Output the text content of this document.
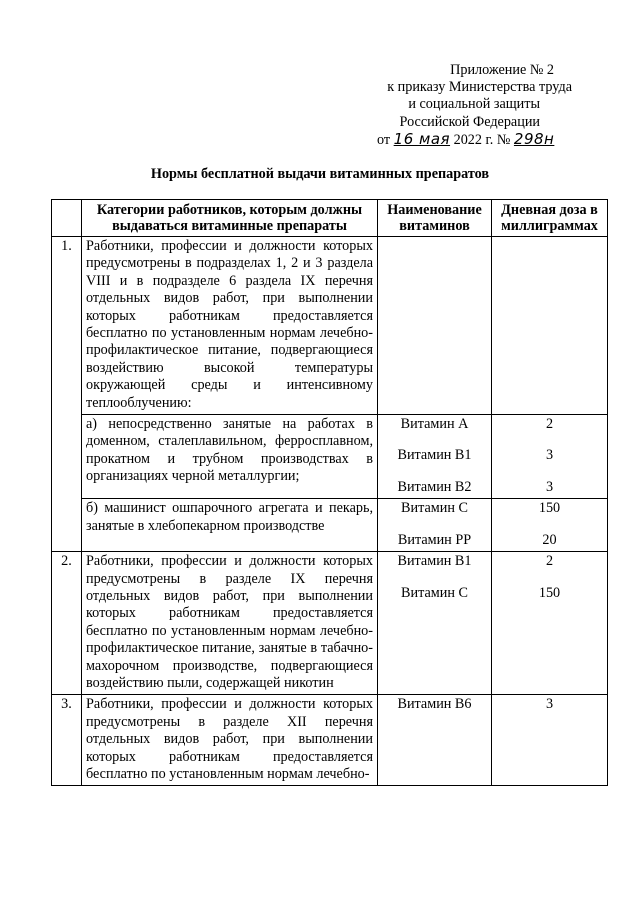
Приложение № 2
к приказу Министерства труда
и социальной защиты
Российской Федерации
от 16 мая 2022 г. № 298н
Нормы бесплатной выдачи витаминных препаратов
	Категории работников, которым должны выдаваться витаминные препараты	Наименование витаминов	Дневная доза в миллиграммах
1.	Работники, профессии и должности которых предусмотрены в подразделах 1, 2 и 3 раздела VIII и в подразделе 6 раздела IX перечня отдельных видов работ, при выполнении которых работникам предоставляется бесплатно по установленным нормам лечебно-профилактическое питание, подвергающиеся воздействию высокой температуры окружающей среды и интенсивному теплооблучению:		
	а) непосредственно занятые на работах в доменном, сталеплавильном, ферросплавном, прокатном и трубном производствах в организациях черной металлургии;	Витамин А
Витамин В1
Витамин В2	2
3
3

	б) машинист ошпарочного агрегата и пекарь, занятые в хлебопекарном производстве	Витамин С
Витамин РР	150
20

2.	Работники, профессии и должности которых предусмотрены в разделе IX перечня отдельных видов работ, при выполнении которых работникам предоставляется бесплатно по установленным нормам лечебно-профилактическое питание, занятые в табачно-махорочном производстве, подвергающиеся воздействию пыли, содержащей никотин	Витамин В1
Витамин С	2
150

3.	Работники, профессии и должности которых предусмотрены в разделе XII перечня отдельных видов работ, при выполнении которых работникам предоставляется бесплатно по установленным нормам лечебно-	Витамин В6	3
